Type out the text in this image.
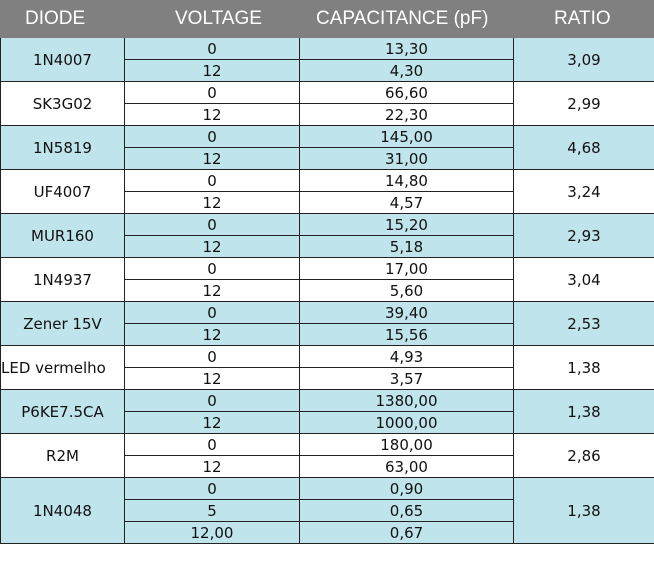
DIODE	VOLTAGE	CAPACITANCE (pF)	RATIO
1N4007	0	13,30	3,09
	12	4,30	
SK3G02	0	66,60	2,99
	12	22,30	
1N5819	0	145,00	4,68
	12	31,00	
UF4007	0	14,80	3,24
	12	4,57	
MUR160	0	15,20	2,93
	12	5,18	
1N4937	0	17,00	3,04
	12	5,60	
Zener 15V	0	39,40	2,53
	12	15,56	
LED vermelho	0	4,93	1,38
	12	3,57	
P6KE7.5CA	0	1380,00	1,38
	12	1000,00	
R2M	0	180,00	2,86
	12	63,00	
1N4048	0	0,90	1,38
	5	0,65	
	12,00	0,67	
